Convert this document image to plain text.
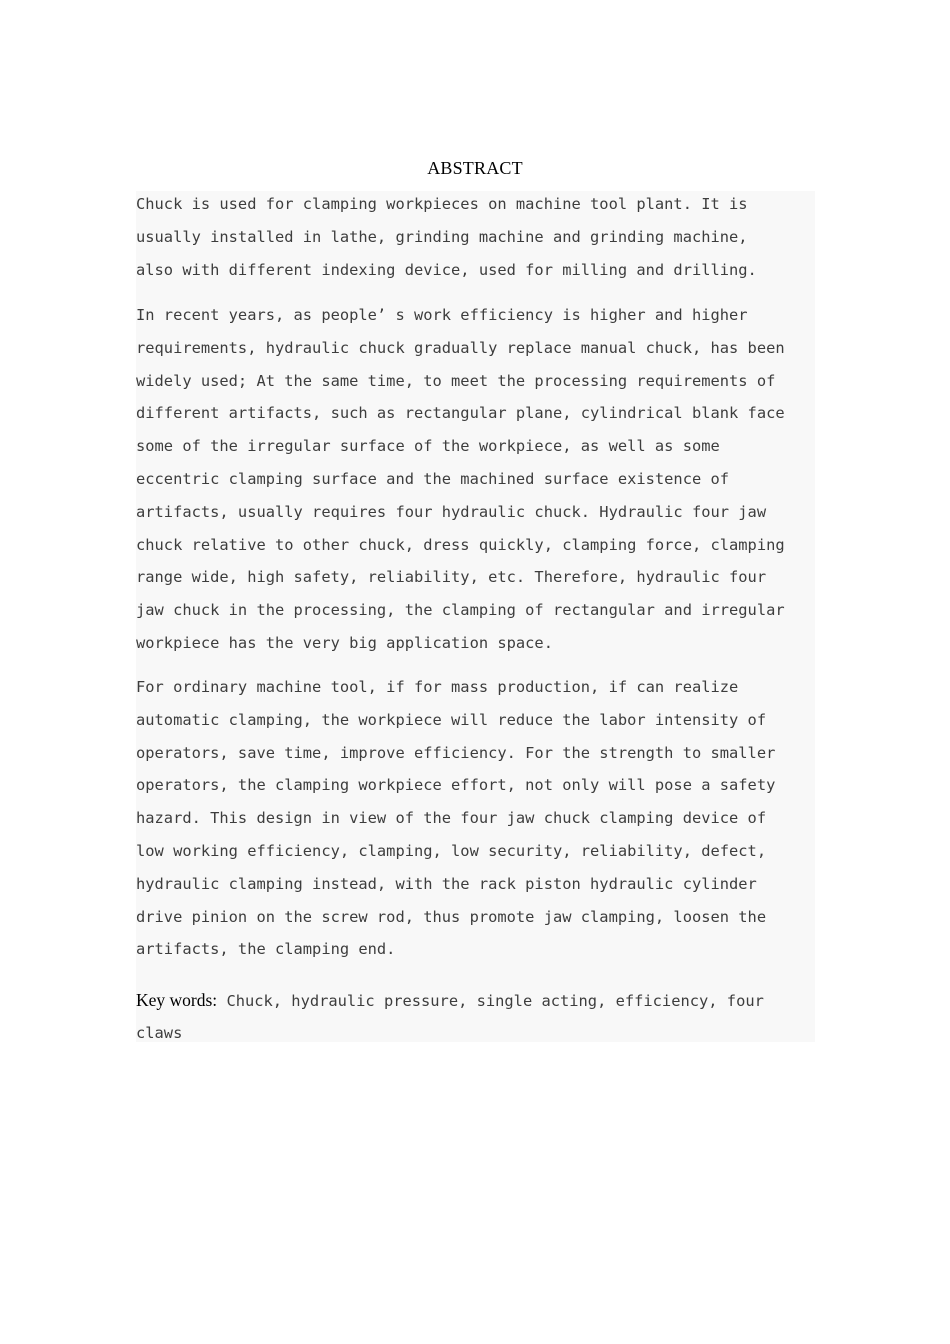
ABSTRACT
Chuck is used for clamping workpieces on machine tool plant. It is
usually installed in lathe, grinding machine and grinding machine,
also with different indexing device, used for milling and drilling.
In recent years, as people’ s work efficiency is higher and higher
requirements, hydraulic chuck gradually replace manual chuck, has been
widely used; At the same time, to meet the processing requirements of
different artifacts, such as rectangular plane, cylindrical blank face
some of the irregular surface of the workpiece, as well as some
eccentric clamping surface and the machined surface existence of
artifacts, usually requires four hydraulic chuck. Hydraulic four jaw
chuck relative to other chuck, dress quickly, clamping force, clamping
range wide, high safety, reliability, etc. Therefore, hydraulic four
jaw chuck in the processing, the clamping of rectangular and irregular
workpiece has the very big application space.
For ordinary machine tool, if for mass production, if can realize
automatic clamping, the workpiece will reduce the labor intensity of
operators, save time, improve efficiency. For the strength to smaller
operators, the clamping workpiece effort, not only will pose a safety
hazard. This design in view of the four jaw chuck clamping device of
low working efficiency, clamping, low security, reliability, defect,
hydraulic clamping instead, with the rack piston hydraulic cylinder
drive pinion on the screw rod, thus promote jaw clamping, loosen the
artifacts, the clamping end.
Key words: Chuck, hydraulic pressure, single acting, efficiency, four
claws
